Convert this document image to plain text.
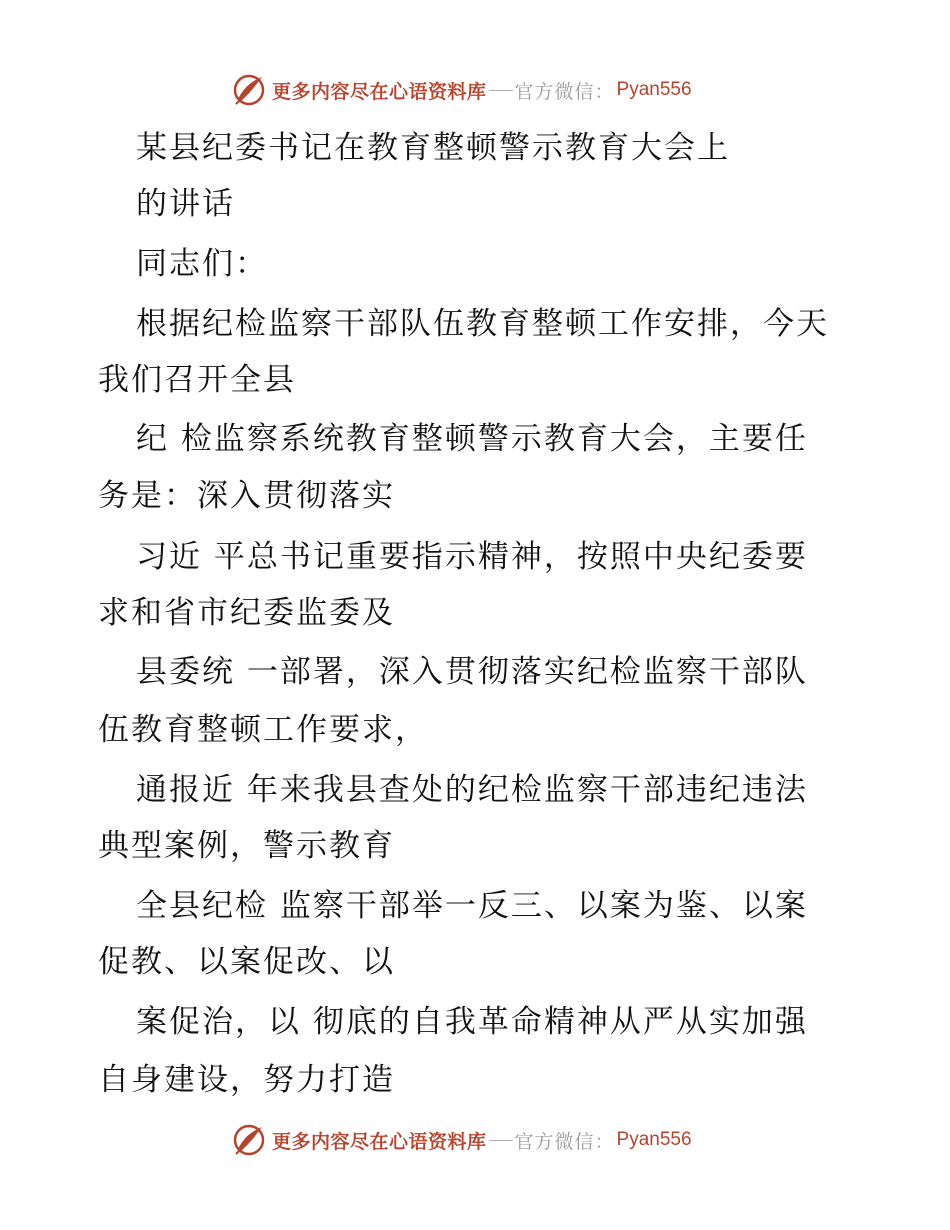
更多内容尽在心语资料库 官方微信： Pyan556
某县纪委书记在教育整顿警示教育大会上
的讲话
同志们：
根据纪检监察干部队伍教育整顿工作安排，今天
我们召开全县
纪 检监察系统教育整顿警示教育大会，主要任
务是：深入贯彻落实
习近 平总书记重要指示精神，按照中央纪委要
求和省市纪委监委及
县委统 一部署，深入贯彻落实纪检监察干部队
伍教育整顿工作要求，
通报近 年来我县查处的纪检监察干部违纪违法
典型案例，警示教育
全县纪检 监察干部举一反三、以案为鉴、以案
促教、以案促改、以
案促治，以 彻底的自我革命精神从严从实加强
自身建设，努力打造
更多内容尽在心语资料库 官方微信： Pyan556
